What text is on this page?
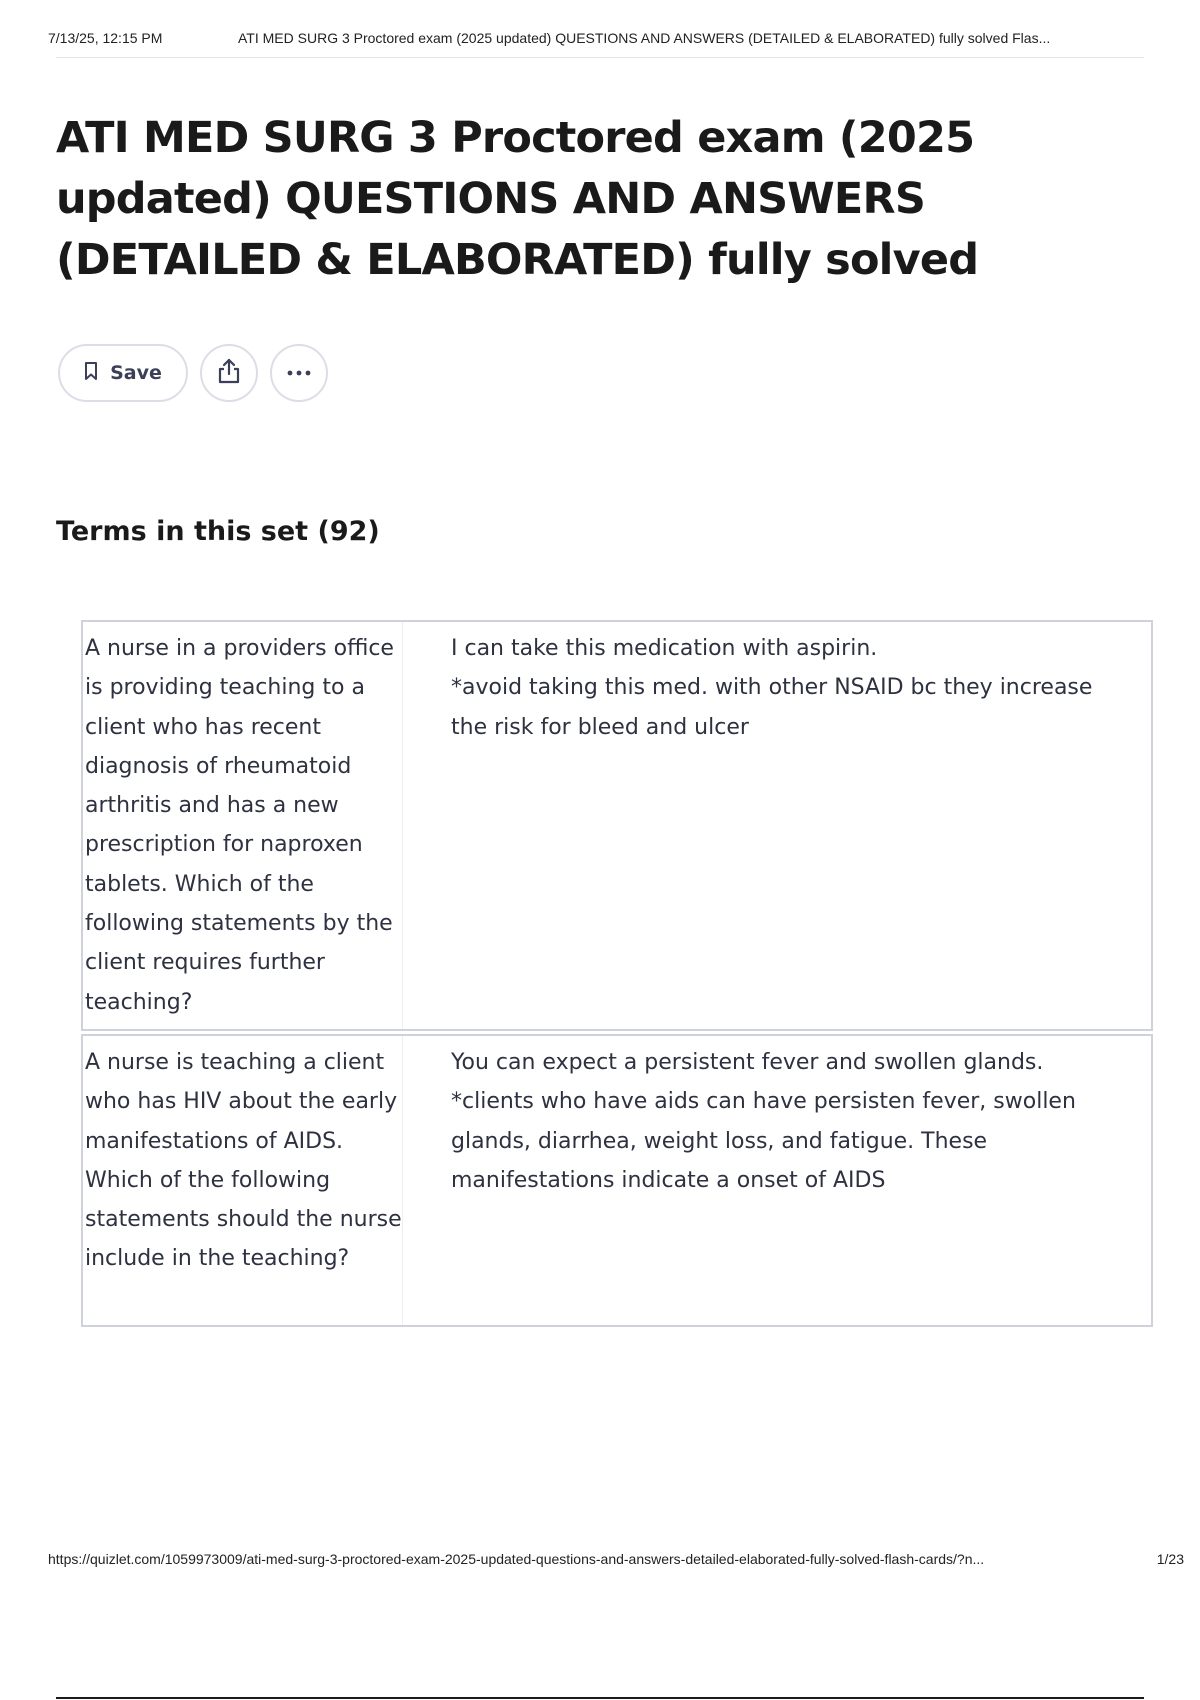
7/13/25, 12:15 PM	ATI MED SURG 3 Proctored exam (2025 updated) QUESTIONS AND ANSWERS (DETAILED & ELABORATED) fully solved Flas...
ATI MED SURG 3 Proctored exam (2025 updated) QUESTIONS AND ANSWERS (DETAILED & ELABORATED) fully solved
Save
Terms in this set (92)
A nurse in a providers office is providing teaching to a client who has recent diagnosis of rheumatoid arthritis and has a new prescription for naproxen tablets. Which of the following statements by the client requires further teaching?
I can take this medication with aspirin.
*avoid taking this med. with other NSAID bc they increase the risk for bleed and ulcer
A nurse is teaching a client who has HIV about the early manifestations of AIDS. Which of the following statements should the nurse include in the teaching?
You can expect a persistent fever and swollen glands.
*clients who have aids can have persisten fever, swollen glands, diarrhea, weight loss, and fatigue. These manifestations indicate a onset of AIDS
https://quizlet.com/1059973009/ati-med-surg-3-proctored-exam-2025-updated-questions-and-answers-detailed-elaborated-fully-solved-flash-cards/?n...	1/23
